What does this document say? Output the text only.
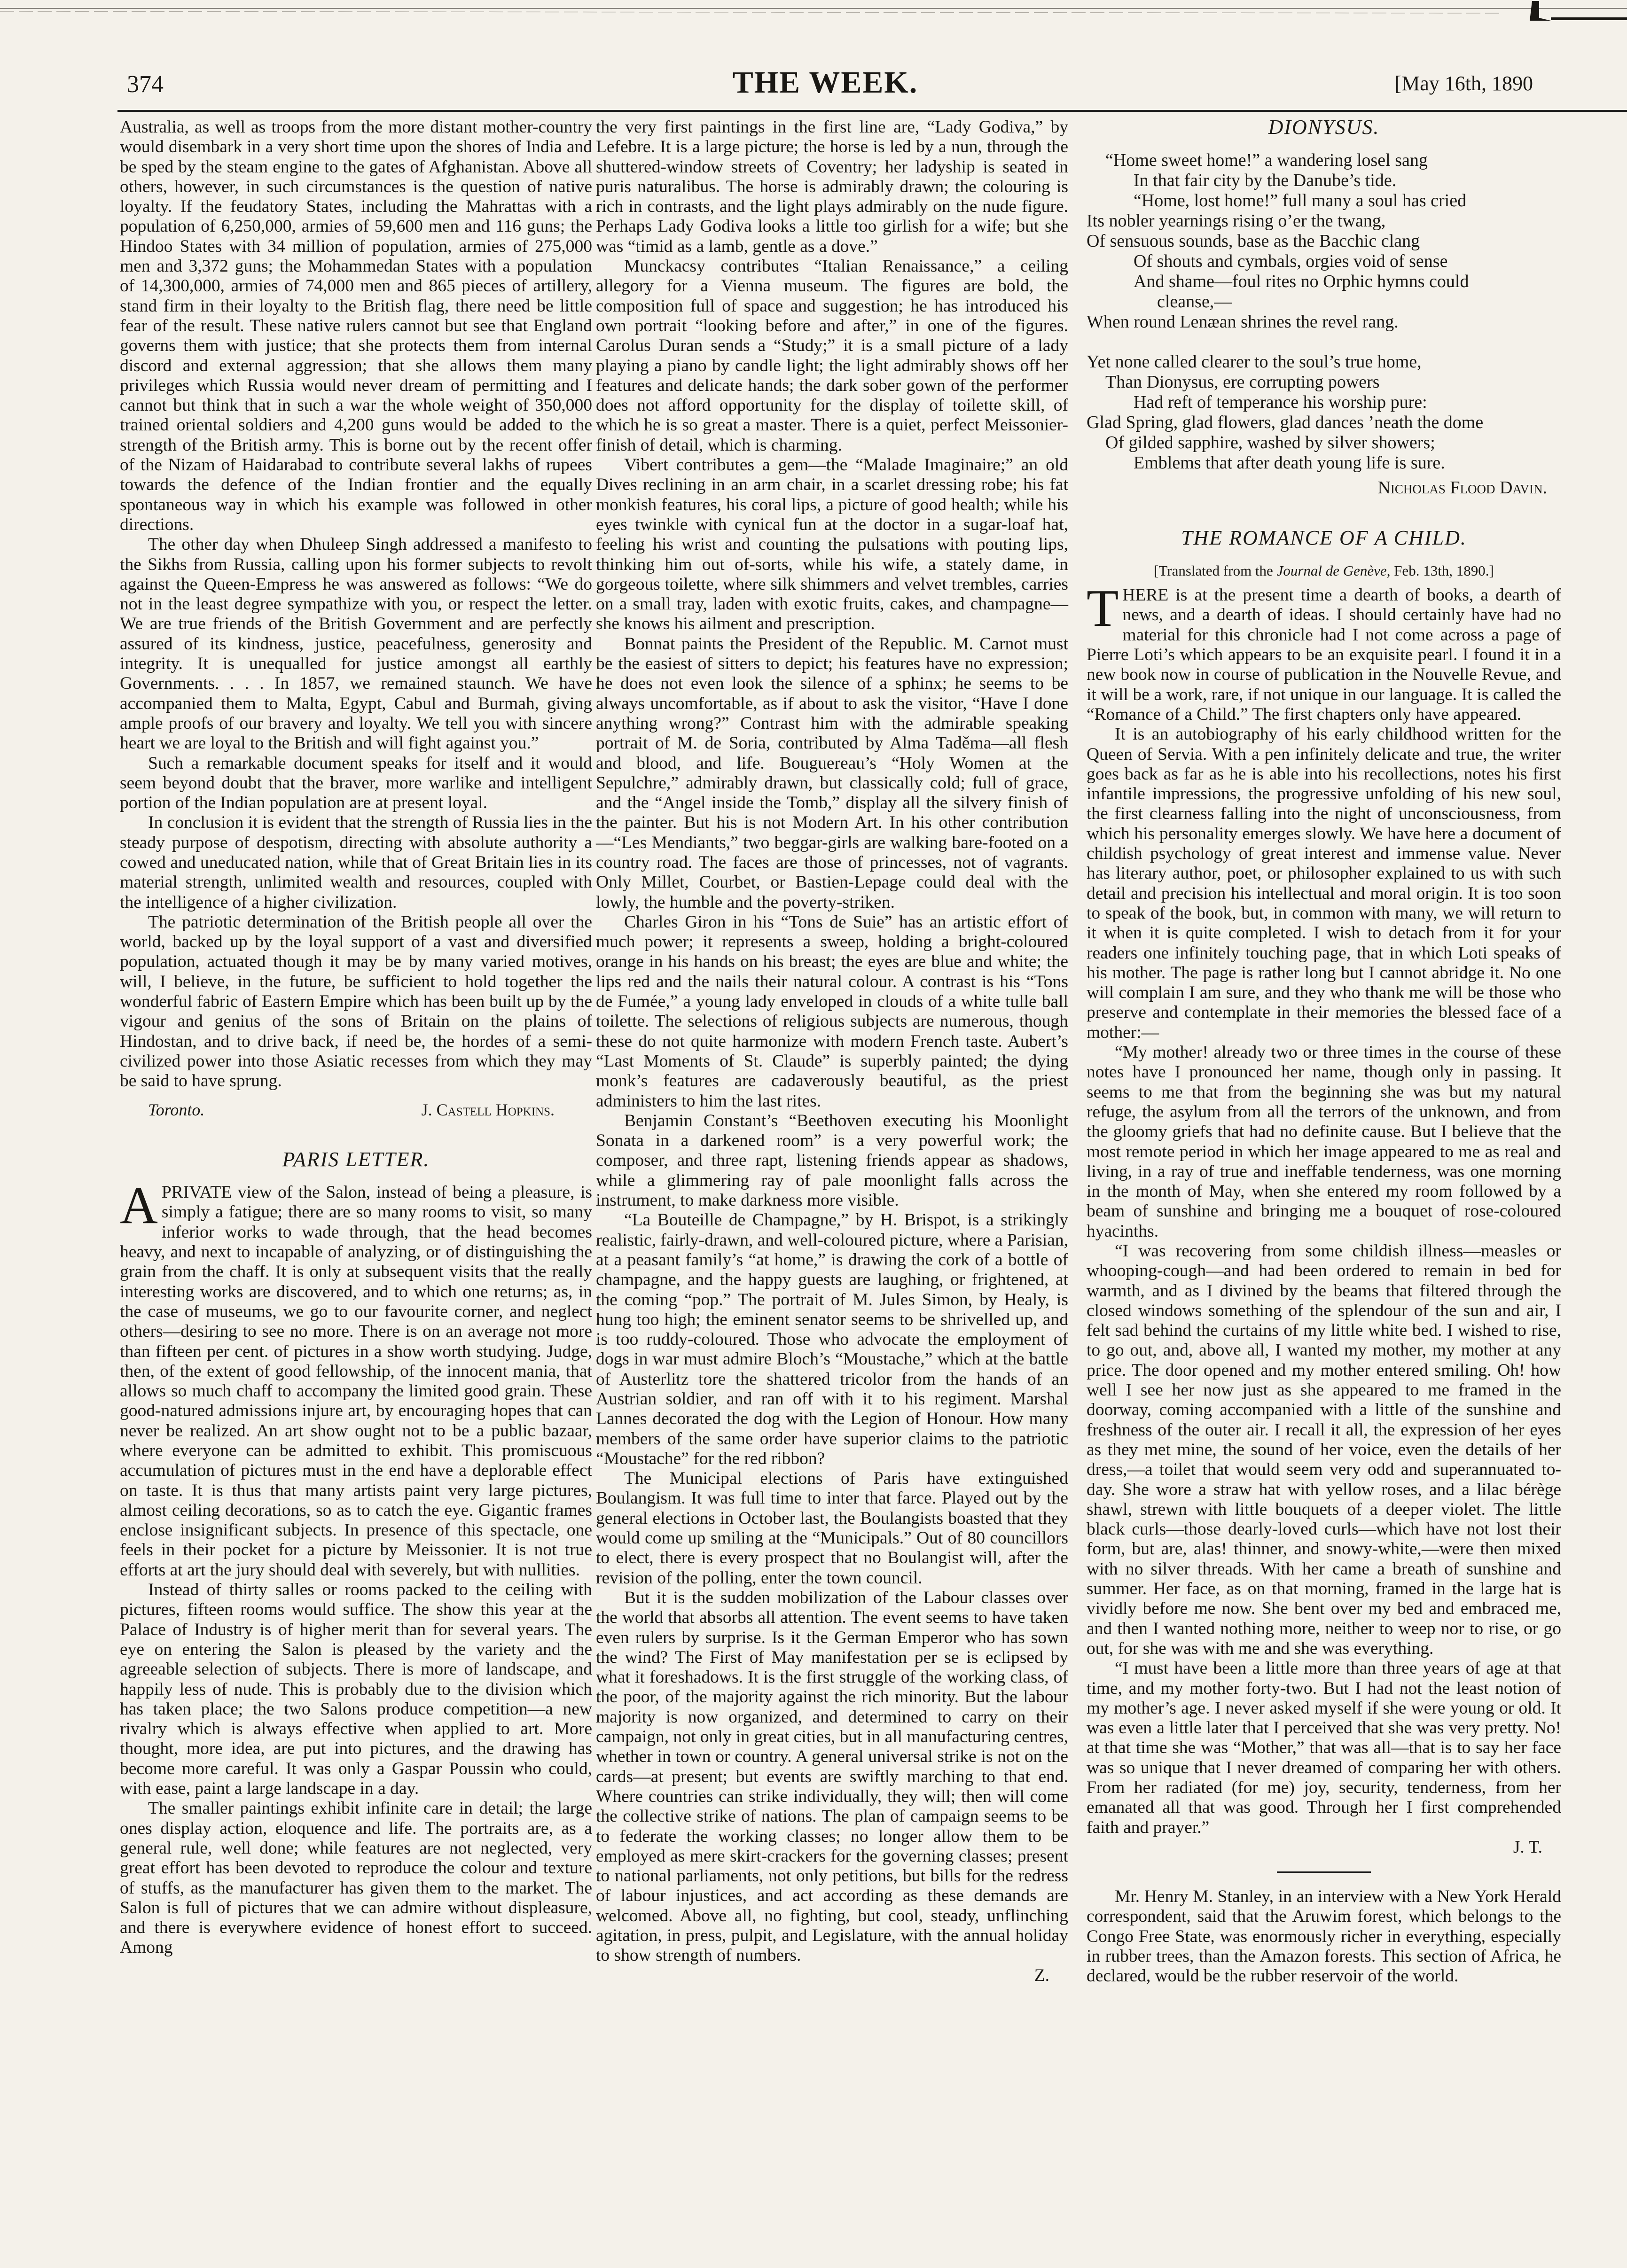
374	THE WEEK.	[May 16th, 1890

Australia, as well as troops from the more distant mother-country would disembark in a very short time upon the shores of India and be sped by the steam engine to the gates of Afghanistan. Above all others, however, in such circumstances is the question of native loyalty. If the feudatory States, including the Mahrattas with a population of 6,250,000, armies of 59,600 men and 116 guns; the Hindoo States with 34 million of population, armies of 275,000 men and 3,372 guns; the Mohammedan States with a population of 14,300,000, armies of 74,000 men and 865 pieces of artillery, stand firm in their loyalty to the British flag, there need be little fear of the result. These native rulers cannot but see that England governs them with justice; that she protects them from internal discord and external aggression; that she allows them many privileges which Russia would never dream of permitting and I cannot but think that in such a war the whole weight of 350,000 trained oriental soldiers and 4,200 guns would be added to the strength of the British army. This is borne out by the recent offer of the Nizam of Haidarabad to contribute several lakhs of rupees towards the defence of the Indian frontier and the equally spontaneous way in which his example was followed in other directions.

The other day when Dhuleep Singh addressed a manifesto to the Sikhs from Russia, calling upon his former subjects to revolt against the Queen-Empress he was answered as follows: “We do not in the least degree sympathize with you, or respect the letter. We are true friends of the British Government and are perfectly assured of its kindness, justice, peacefulness, generosity and integrity. It is unequalled for justice amongst all earthly Governments. . . . In 1857, we remained staunch. We have accompanied them to Malta, Egypt, Cabul and Burmah, giving ample proofs of our bravery and loyalty. We tell you with sincere heart we are loyal to the British and will fight against you.”

Such a remarkable document speaks for itself and it would seem beyond doubt that the braver, more warlike and intelligent portion of the Indian population are at present loyal.

In conclusion it is evident that the strength of Russia lies in the steady purpose of despotism, directing with absolute authority a cowed and uneducated nation, while that of Great Britain lies in its material strength, unlimited wealth and resources, coupled with the intelligence of a higher civilization.

The patriotic determination of the British people all over the world, backed up by the loyal support of a vast and diversified population, actuated though it may be by many varied motives, will, I believe, in the future, be sufficient to hold together the wonderful fabric of Eastern Empire which has been built up by the vigour and genius of the sons of Britain on the plains of Hindostan, and to drive back, if need be, the hordes of a semi-civilized power into those Asiatic recesses from which they may be said to have sprung.

Toronto.	J. Castell Hopkins.
PARIS LETTER.

A PRIVATE view of the Salon, instead of being a pleasure, is simply a fatigue; there are so many rooms to visit, so many inferior works to wade through, that the head becomes heavy, and next to incapable of analyzing, or of distinguishing the grain from the chaff. It is only at subsequent visits that the really interesting works are discovered, and to which one returns; as, in the case of museums, we go to our favourite corner, and neglect others—desiring to see no more. There is on an average not more than fifteen per cent. of pictures in a show worth studying. Judge, then, of the extent of good fellowship, of the innocent mania, that allows so much chaff to accompany the limited good grain. These good-natured admissions injure art, by encouraging hopes that can never be realized. An art show ought not to be a public bazaar, where everyone can be admitted to exhibit. This promiscuous accumulation of pictures must in the end have a deplorable effect on taste. It is thus that many artists paint very large pictures, almost ceiling decorations, so as to catch the eye. Gigantic frames enclose insignificant subjects. In presence of this spectacle, one feels in their pocket for a picture by Meissonier. It is not true efforts at art the jury should deal with severely, but with nullities.

Instead of thirty salles or rooms packed to the ceiling with pictures, fifteen rooms would suffice. The show this year at the Palace of Industry is of higher merit than for several years. The eye on entering the Salon is pleased by the variety and the agreeable selection of subjects. There is more of landscape, and happily less of nude. This is probably due to the division which has taken place; the two Salons produce competition—a new rivalry which is always effective when applied to art. More thought, more idea, are put into pictures, and the drawing has become more careful. It was only a Gaspar Poussin who could, with ease, paint a large landscape in a day.

The smaller paintings exhibit infinite care in detail; the large ones display action, eloquence and life. The portraits are, as a general rule, well done; while features are not neglected, very great effort has been devoted to reproduce the colour and texture of stuffs, as the manufacturer has given them to the market. The Salon is full of pictures that we can admire without displeasure, and there is everywhere evidence of honest effort to succeed. Among

the very first paintings in the first line are, “Lady Godiva,” by Lefebre. It is a large picture; the horse is led by a nun, through the shuttered-window streets of Coventry; her ladyship is seated in puris naturalibus. The horse is admirably drawn; the colouring is rich in contrasts, and the light plays admirably on the nude figure. Perhaps Lady Godiva looks a little too girlish for a wife; but she was “timid as a lamb, gentle as a dove.”

Munckacsy contributes “Italian Renaissance,” a ceiling allegory for a Vienna museum. The figures are bold, the composition full of space and suggestion; he has introduced his own portrait “looking before and after,” in one of the figures. Carolus Duran sends a “Study;” it is a small picture of a lady playing a piano by candle light; the light admirably shows off her features and delicate hands; the dark sober gown of the performer does not afford opportunity for the display of toilette skill, of which he is so great a master. There is a quiet, perfect Meissonier-finish of detail, which is charming.

Vibert contributes a gem—the “Malade Imaginaire;” an old Dives reclining in an arm chair, in a scarlet dressing robe; his fat monkish features, his coral lips, a picture of good health; while his eyes twinkle with cynical fun at the doctor in a sugar-loaf hat, feeling his wrist and counting the pulsations with pouting lips, thinking him out of-sorts, while his wife, a stately dame, in gorgeous toilette, where silk shimmers and velvet trembles, carries on a small tray, laden with exotic fruits, cakes, and champagne—she knows his ailment and prescription.

Bonnat paints the President of the Republic. M. Carnot must be the easiest of sitters to depict; his features have no expression; he does not even look the silence of a sphinx; he seems to be always uncomfortable, as if about to ask the visitor, “Have I done anything wrong?” Contrast him with the admirable speaking portrait of M. de Soria, contributed by Alma Taděma—all flesh and blood, and life. Bouguereau’s “Holy Women at the Sepulchre,” admirably drawn, but classically cold; full of grace, and the “Angel inside the Tomb,” display all the silvery finish of the painter. But his is not Modern Art. In his other contribution—“Les Mendiants,” two beggar-girls are walking bare-footed on a country road. The faces are those of princesses, not of vagrants. Only Millet, Courbet, or Bastien-Lepage could deal with the lowly, the humble and the poverty-striken.

Charles Giron in his “Tons de Suie” has an artistic effort of much power; it represents a sweep, holding a bright-coloured orange in his hands on his breast; the eyes are blue and white; the lips red and the nails their natural colour. A contrast is his “Tons de Fumée,” a young lady enveloped in clouds of a white tulle ball toilette. The selections of religious subjects are numerous, though these do not quite harmonize with modern French taste. Aubert’s “Last Moments of St. Claude” is superbly painted; the dying monk’s features are cadaverously beautiful, as the priest administers to him the last rites.

Benjamin Constant’s “Beethoven executing his Moonlight Sonata in a darkened room” is a very powerful work; the composer, and three rapt, listening friends appear as shadows, while a glimmering ray of pale moonlight falls across the instrument, to make darkness more visible.

“La Bouteille de Champagne,” by H. Brispot, is a strikingly realistic, fairly-drawn, and well-coloured picture, where a Parisian, at a peasant family’s “at home,” is drawing the cork of a bottle of champagne, and the happy guests are laughing, or frightened, at the coming “pop.” The portrait of M. Jules Simon, by Healy, is hung too high; the eminent senator seems to be shrivelled up, and is too ruddy-coloured. Those who advocate the employment of dogs in war must admire Bloch’s “Moustache,” which at the battle of Austerlitz tore the shattered tricolor from the hands of an Austrian soldier, and ran off with it to his regiment. Marshal Lannes decorated the dog with the Legion of Honour. How many members of the same order have superior claims to the patriotic “Moustache” for the red ribbon?

The Municipal elections of Paris have extinguished Boulangism. It was full time to inter that farce. Played out by the general elections in October last, the Boulangists boasted that they would come up smiling at the “Municipals.” Out of 80 councillors to elect, there is every prospect that no Boulangist will, after the revision of the polling, enter the town council.

But it is the sudden mobilization of the Labour classes over the world that absorbs all attention. The event seems to have taken even rulers by surprise. Is it the German Emperor who has sown the wind? The First of May manifestation per se is eclipsed by what it foreshadows. It is the first struggle of the working class, of the poor, of the majority against the rich minority. But the labour majority is now organized, and determined to carry on their campaign, not only in great cities, but in all manufacturing centres, whether in town or country. A general universal strike is not on the cards—at present; but events are swiftly marching to that end. Where countries can strike individually, they will; then will come the collective strike of nations. The plan of campaign seems to be to federate the working classes; no longer allow them to be employed as mere skirt-crackers for the governing classes; present to national parliaments, not only petitions, but bills for the redress of labour injustices, and act according as these demands are welcomed. Above all, no fighting, but cool, steady, unflinching agitation, in press, pulpit, and Legislature, with the annual holiday to show strength of numbers.

Z.
DIONYSUS.
“Home sweet home!” a wandering losel sang
In that fair city by the Danube’s tide.
“Home, lost home!” full many a soul has cried
Its nobler yearnings rising o’er the twang,
Of sensuous sounds, base as the Bacchic clang
Of shouts and cymbals, orgies void of sense
And shame—foul rites no Orphic hymns could
cleanse,—
When round Lenæan shrines the revel rang.
Yet none called clearer to the soul’s true home,
Than Dionysus, ere corrupting powers
Had reft of temperance his worship pure:
Glad Spring, glad flowers, glad dances ’neath the dome
Of gilded sapphire, washed by silver showers;
Emblems that after death young life is sure.
Nicholas Flood Davin.
THE ROMANCE OF A CHILD.
[Translated from the Journal de Genève, Feb. 13th, 1890.]

T HERE is at the present time a dearth of books, a dearth of news, and a dearth of ideas. I should certainly have had no material for this chronicle had I not come across a page of Pierre Loti’s which appears to be an exquisite pearl. I found it in a new book now in course of publication in the Nouvelle Revue, and it will be a work, rare, if not unique in our language. It is called the “Romance of a Child.” The first chapters only have appeared.

It is an autobiography of his early childhood written for the Queen of Servia. With a pen infinitely delicate and true, the writer goes back as far as he is able into his recollections, notes his first infantile impressions, the progressive unfolding of his new soul, the first clearness falling into the night of unconsciousness, from which his personality emerges slowly. We have here a document of childish psychology of great interest and immense value. Never has literary author, poet, or philosopher explained to us with such detail and precision his intellectual and moral origin. It is too soon to speak of the book, but, in common with many, we will return to it when it is quite completed. I wish to detach from it for your readers one infinitely touching page, that in which Loti speaks of his mother. The page is rather long but I cannot abridge it. No one will complain I am sure, and they who thank me will be those who preserve and contemplate in their memories the blessed face of a mother:—

“My mother! already two or three times in the course of these notes have I pronounced her name, though only in passing. It seems to me that from the beginning she was but my natural refuge, the asylum from all the terrors of the unknown, and from the gloomy griefs that had no definite cause. But I believe that the most remote period in which her image appeared to me as real and living, in a ray of true and ineffable tenderness, was one morning in the month of May, when she entered my room followed by a beam of sunshine and bringing me a bouquet of rose-coloured hyacinths.

“I was recovering from some childish illness—measles or whooping-cough—and had been ordered to remain in bed for warmth, and as I divined by the beams that filtered through the closed windows something of the splendour of the sun and air, I felt sad behind the curtains of my little white bed. I wished to rise, to go out, and, above all, I wanted my mother, my mother at any price. The door opened and my mother entered smiling. Oh! how well I see her now just as she appeared to me framed in the doorway, coming accompanied with a little of the sunshine and freshness of the outer air. I recall it all, the expression of her eyes as they met mine, the sound of her voice, even the details of her dress,—a toilet that would seem very odd and superannuated to-day. She wore a straw hat with yellow roses, and a lilac bérège shawl, strewn with little bouquets of a deeper violet. The little black curls—those dearly-loved curls—which have not lost their form, but are, alas! thinner, and snowy-white,—were then mixed with no silver threads. With her came a breath of sunshine and summer. Her face, as on that morning, framed in the large hat is vividly before me now. She bent over my bed and embraced me, and then I wanted nothing more, neither to weep nor to rise, or go out, for she was with me and she was everything.

“I must have been a little more than three years of age at that time, and my mother forty-two. But I had not the least notion of my mother’s age. I never asked myself if she were young or old. It was even a little later that I perceived that she was very pretty. No! at that time she was “Mother,” that was all—that is to say her face was so unique that I never dreamed of comparing her with others. From her radiated (for me) joy, security, tenderness, from her emanated all that was good. Through her I first comprehended faith and prayer.”

J. T.

Mr. Henry M. Stanley, in an interview with a New York Herald correspondent, said that the Aruwim forest, which belongs to the Congo Free State, was enormously richer in everything, especially in rubber trees, than the Amazon forests. This section of Africa, he declared, would be the rubber reservoir of the world.
